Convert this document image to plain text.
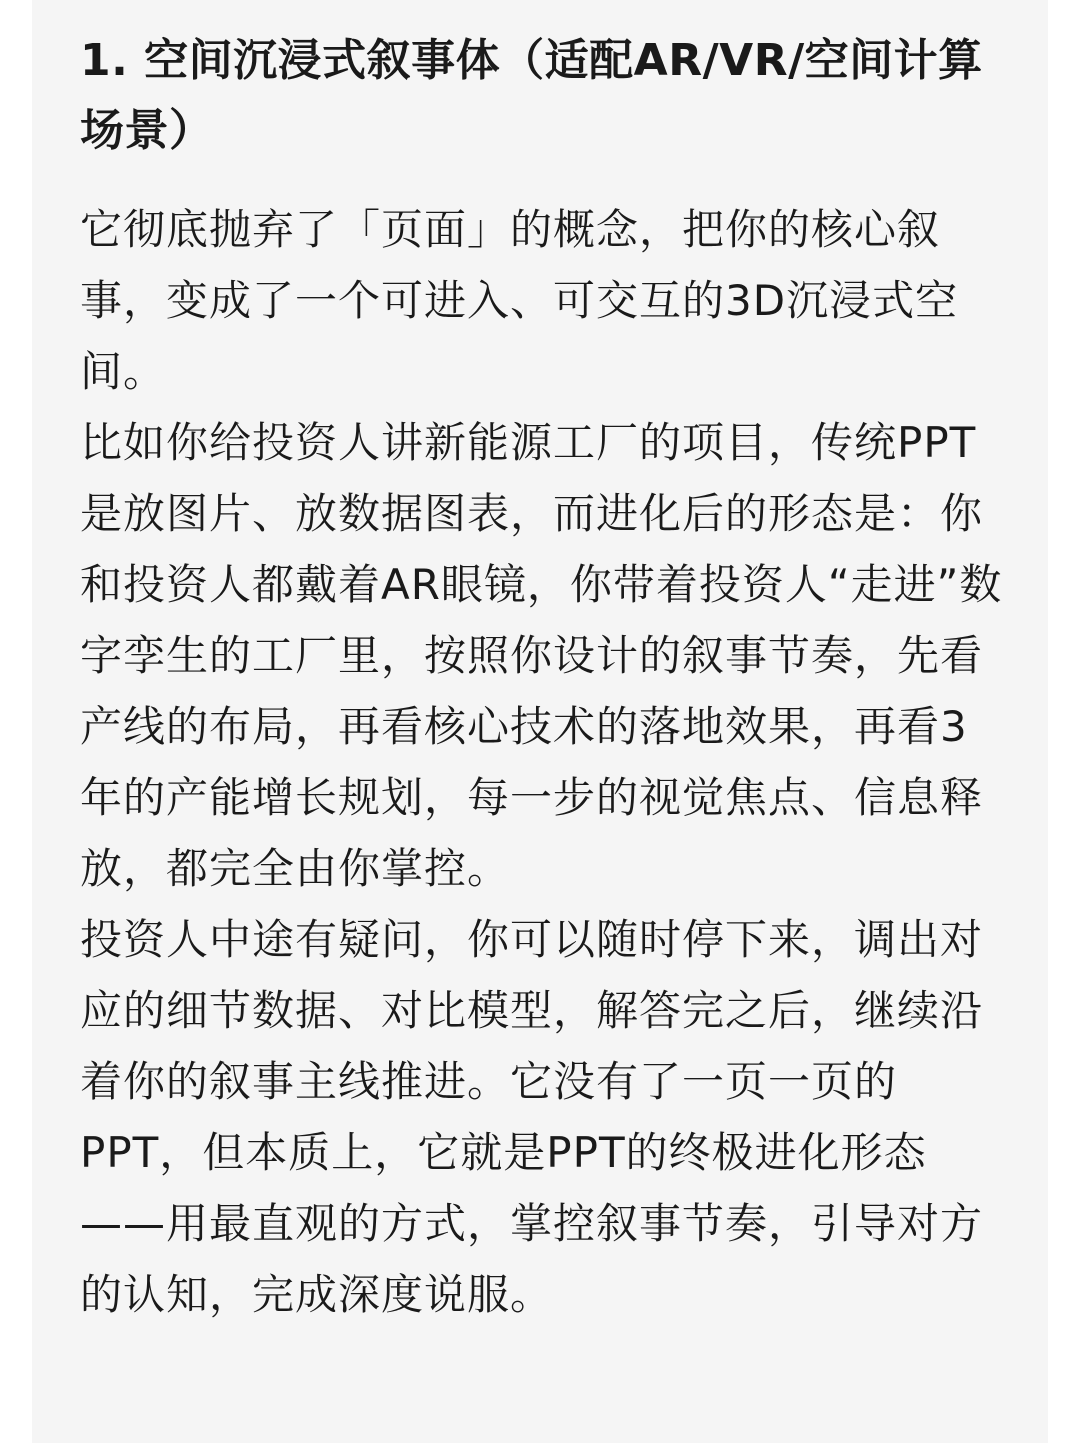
1. 空间沉浸式叙事体（适配AR/VR/空间计算场景）

它彻底抛弃了「页面」的概念，把你的核心叙事，变成了一个可进入、可交互的3D沉浸式空间。

比如你给投资人讲新能源工厂的项目，传统PPT是放图片、放数据图表，而进化后的形态是：你和投资人都戴着AR眼镜，你带着投资人“走进”数字孪生的工厂里，按照你设计的叙事节奏，先看产线的布局，再看核心技术的落地效果，再看3年的产能增长规划，每一步的视觉焦点、信息释放，都完全由你掌控。

投资人中途有疑问，你可以随时停下来，调出对应的细节数据、对比模型，解答完之后，继续沿着你的叙事主线推进。它没有了一页一页的PPT，但本质上，它就是PPT的终极进化形态——用最直观的方式，掌控叙事节奏，引导对方的认知，完成深度说服。
